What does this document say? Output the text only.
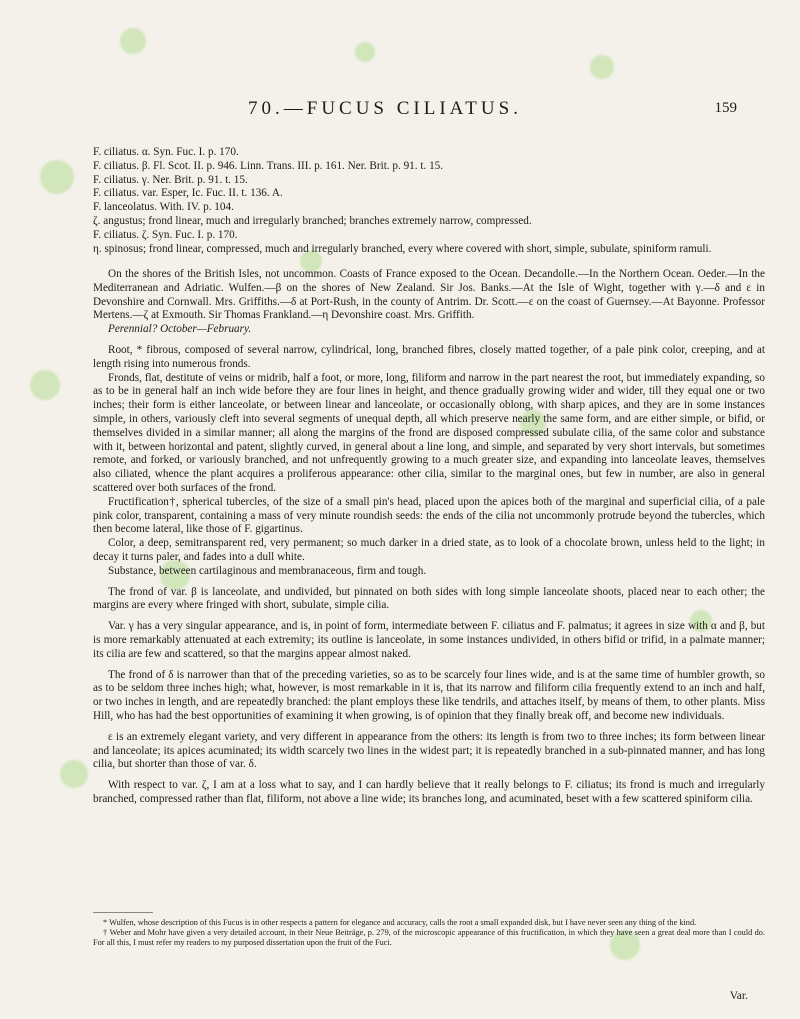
70.—FUCUS CILIATUS.	159

F. ciliatus. α. Syn. Fuc. I. p. 170.

F. ciliatus. β. Fl. Scot. II. p. 946. Linn. Trans. III. p. 161. Ner. Brit. p. 91. t. 15.

F. ciliatus. γ. Ner. Brit. p. 91. t. 15.

F. ciliatus. var. Esper, Ic. Fuc. II. t. 136. A.

F. lanceolatus. With. IV. p. 104.

ζ. angustus; frond linear, much and irregularly branched; branches extremely narrow, compressed.

F. ciliatus. ζ. Syn. Fuc. I. p. 170.

η. spinosus; frond linear, compressed, much and irregularly branched, every where covered with short, simple, subulate, spiniform ramuli.

On the shores of the British Isles, not uncommon. Coasts of France exposed to the Ocean. Decandolle.—In the Northern Ocean. Oeder.—In the Mediterranean and Adriatic. Wulfen.—β on the shores of New Zealand. Sir Jos. Banks.—At the Isle of Wight, together with γ.—δ and ε in Devonshire and Cornwall. Mrs. Griffiths.—δ at Port-Rush, in the county of Antrim. Dr. Scott.—ε on the coast of Guernsey.—At Bayonne. Professor Mertens.—ζ at Exmouth. Sir Thomas Frankland.—η Devonshire coast. Mrs. Griffith.

Perennial? October—February.

Root, * fibrous, composed of several narrow, cylindrical, long, branched fibres, closely matted together, of a pale pink color, creeping, and at length rising into numerous fronds.

Fronds, flat, destitute of veins or midrib, half a foot, or more, long, filiform and narrow in the part nearest the root, but immediately expanding, so as to be in general half an inch wide before they are four lines in height, and thence gradually growing wider and wider, till they equal one or two inches; their form is either lanceolate, or between linear and lanceolate, or occasionally oblong, with sharp apices, and they are in some instances simple, in others, variously cleft into several segments of unequal depth, all which preserve nearly the same form, and are either simple, or bifid, or themselves divided in a similar manner; all along the margins of the frond are disposed compressed subulate cilia, of the same color and substance with it, between horizontal and patent, slightly curved, in general about a line long, and simple, and separated by very short intervals, but sometimes remote, and forked, or variously branched, and not unfrequently growing to a much greater size, and expanding into lanceolate leaves, themselves also ciliated, whence the plant acquires a proliferous appearance: other cilia, similar to the marginal ones, but few in number, are also in general scattered over both surfaces of the frond.

Fructification†, spherical tubercles, of the size of a small pin's head, placed upon the apices both of the marginal and superficial cilia, of a pale pink color, transparent, containing a mass of very minute roundish seeds: the ends of the cilia not uncommonly protrude beyond the tubercles, which then become lateral, like those of F. gigartinus.

Color, a deep, semitransparent red, very permanent; so much darker in a dried state, as to look of a chocolate brown, unless held to the light; in decay it turns paler, and fades into a dull white.

Substance, between cartilaginous and membranaceous, firm and tough.

The frond of var. β is lanceolate, and undivided, but pinnated on both sides with long simple lanceolate shoots, placed near to each other; the margins are every where fringed with short, subulate, simple cilia.

Var. γ has a very singular appearance, and is, in point of form, intermediate between F. ciliatus and F. palmatus; it agrees in size with α and β, but is more remarkably attenuated at each extremity; its outline is lanceolate, in some instances undivided, in others bifid or trifid, in a palmate manner; its cilia are few and scattered, so that the margins appear almost naked.

The frond of δ is narrower than that of the preceding varieties, so as to be scarcely four lines wide, and is at the same time of humbler growth, so as to be seldom three inches high; what, however, is most remarkable in it is, that its narrow and filiform cilia frequently extend to an inch and half, or two inches in length, and are repeatedly branched: the plant employs these like tendrils, and attaches itself, by means of them, to other plants. Miss Hill, who has had the best opportunities of examining it when growing, is of opinion that they finally break off, and become new individuals.

ε is an extremely elegant variety, and very different in appearance from the others: its length is from two to three inches; its form between linear and lanceolate; its apices acuminated; its width scarcely two lines in the widest part; it is repeatedly branched in a sub-pinnated manner, and has long cilia, but shorter than those of var. δ.

With respect to var. ζ, I am at a loss what to say, and I can hardly believe that it really belongs to F. ciliatus; its frond is much and irregularly branched, compressed rather than flat, filiform, not above a line wide; its branches long, and acuminated, beset with a few scattered spiniform cilia.

* Wulfen, whose description of this Fucus is in other respects a pattern for elegance and accuracy, calls the root a small expanded disk, but I have never seen any thing of the kind.

† Weber and Mohr have given a very detailed account, in their Neue Beiträge, p. 279, of the microscopic appearance of this fructification, in which they have seen a great deal more than I could do. For all this, I must refer my readers to my purposed dissertation upon the fruit of the Fuci.

Var.
